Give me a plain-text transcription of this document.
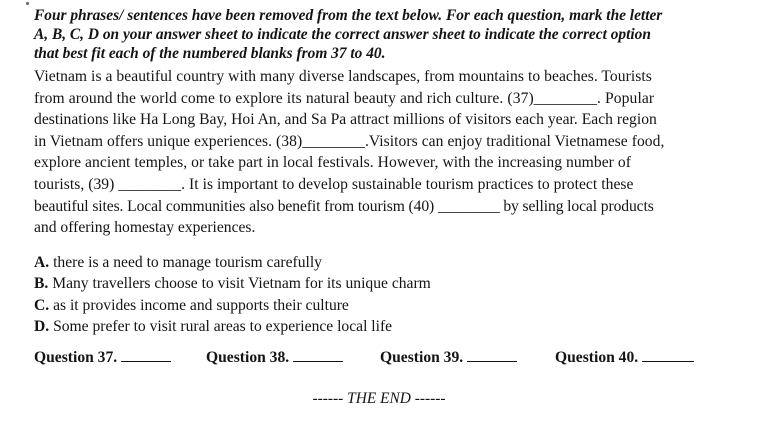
Four phrases/ sentences have been removed from the text below. For each question, mark the letter
A, B, C, D on your answer sheet to indicate the correct answer sheet to indicate the correct option
that best fit each of the numbered blanks from 37 to 40.
Vietnam is a beautiful country with many diverse landscapes, from mountains to beaches. Tourists
from around the world come to explore its natural beauty and rich culture. (37)________. Popular
destinations like Ha Long Bay, Hoi An, and Sa Pa attract millions of visitors each year. Each region
in Vietnam offers unique experiences. (38)________.Visitors can enjoy traditional Vietnamese food,
explore ancient temples, or take part in local festivals. However, with the increasing number of
tourists, (39) ________. It is important to develop sustainable tourism practices to protect these
beautiful sites. Local communities also benefit from tourism (40) ________ by selling local products
and offering homestay experiences.
A. there is a need to manage tourism carefully
B. Many travellers choose to visit Vietnam for its unique charm
C. as it provides income and supports their culture
D. Some prefer to visit rural areas to experience local life
Question 37.	Question 38.	Question 39.	Question 40.
------ THE END ------
